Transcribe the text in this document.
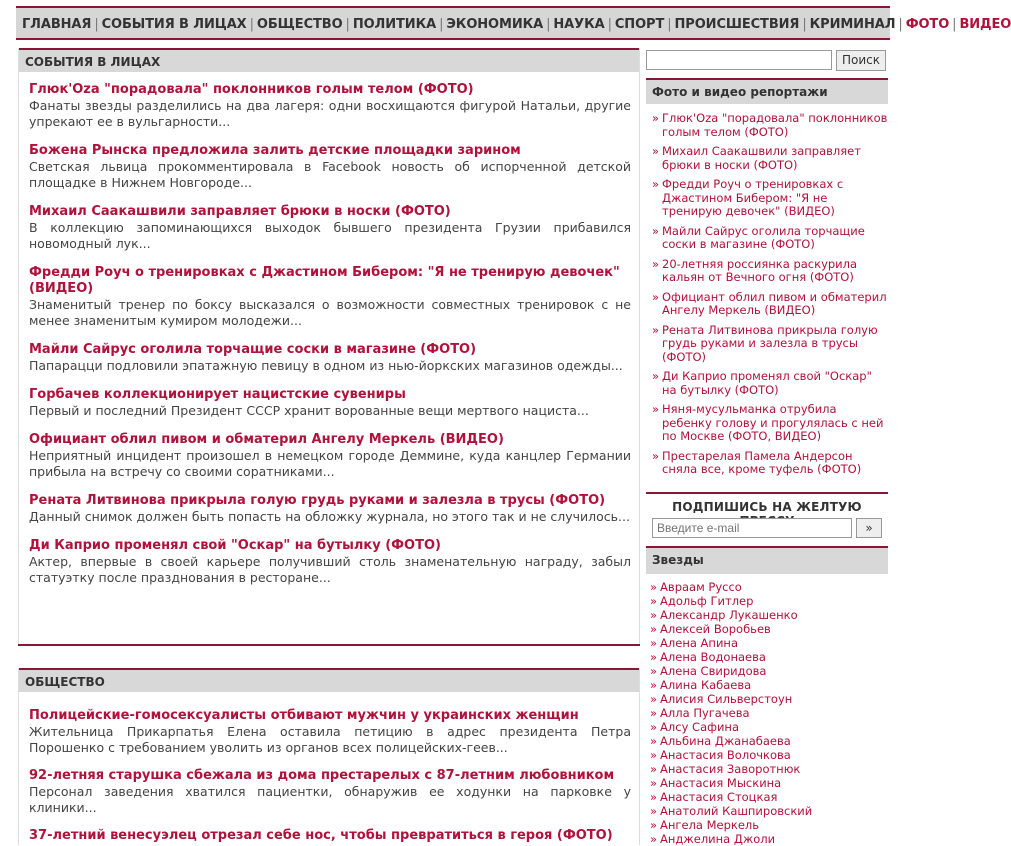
ГЛАВНАЯ | СОБЫТИЯ В ЛИЦАХ | ОБЩЕСТВО | ПОЛИТИКА | ЭКОНОМИКА | НАУКА | СПОРТ | ПРОИСШЕСТВИЯ | КРИМИНАЛ | ФОТО | ВИДЕО
СОБЫТИЯ В ЛИЦАХ
Глюк'Oza "порадовала" поклонников голым телом (ФОТО)
Фанаты звезды разделились на два лагеря: одни восхищаются фигурой Натальи, другие упрекают ее в вульгарности...
Божена Рынска предложила залить детские площадки зарином
Светская львица прокомментировала в Facebook новость об испорченной детской площадке в Нижнем Новгороде...
Михаил Саакашвили заправляет брюки в носки (ФОТО)
В коллекцию запоминающихся выходок бывшего президента Грузии прибавился новомодный лук...
Фредди Роуч о тренировках с Джастином Бибером: "Я не тренирую девочек" (ВИДЕО)
Знаменитый тренер по боксу высказался о возможности совместных тренировок с не менее знаменитым кумиром молодежи...
Майли Сайрус оголила торчащие соски в магазине (ФОТО)
Папарацци подловили эпатажную певицу в одном из нью-йоркских магазинов одежды...
Горбачев коллекционирует нацистские сувениры
Первый и последний Президент СССР хранит ворованные вещи мертвого нациста...
Официант облил пивом и обматерил Ангелу Меркель (ВИДЕО)
Неприятный инцидент произошел в немецком городе Деммине, куда канцлер Германии прибыла на встречу со своими соратниками...
Рената Литвинова прикрыла голую грудь руками и залезла в трусы (ФОТО)
Данный снимок должен быть попасть на обложку журнала, но этого так и не случилось...
Ди Каприо променял свой "Оскар" на бутылку (ФОТО)
Актер, впервые в своей карьере получивший столь знаменательную награду, забыл статуэтку после празднования в ресторане...
ОБЩЕСТВО
Полицейские-гомосексуалисты отбивают мужчин у украинских женщин
Жительница Прикарпатья Елена оставила петицию в адрес президента Петра Порошенко с требованием уволить из органов всех полицейских-геев...
92-летняя старушка сбежала из дома престарелых с 87-летним любовником
Персонал заведения хватился пациентки, обнаружив ее ходунки на парковке у клиники...
37-летний венесуэлец отрезал себе нос, чтобы превратиться в героя (ФОТО)
Поиск
Фото и видео репортажи
» Глюк'Oza "порадовала" поклонников голым телом (ФОТО)
» Михаил Саакашвили заправляет брюки в носки (ФОТО)
» Фредди Роуч о тренировках с Джастином Бибером: "Я не тренирую девочек" (ВИДЕО)
» Майли Сайрус оголила торчащие соски в магазине (ФОТО)
» 20-летняя россиянка раскурила кальян от Вечного огня (ФОТО)
» Официант облил пивом и обматерил Ангелу Меркель (ВИДЕО)
» Рената Литвинова прикрыла голую грудь руками и залезла в трусы (ФОТО)
» Ди Каприо променял свой "Оскар" на бутылку (ФОТО)
» Няня-мусульманка отрубила ребенку голову и прогулялась с ней по Москве (ФОТО, ВИДЕО)
» Престарелая Памела Андерсон сняла все, кроме туфель (ФОТО)
ПОДПИШИСЬ НА ЖЕЛТУЮ
Введите e-mail
»
Звезды
» Авраам Руссо
» Адольф Гитлер
» Александр Лукашенко
» Алексей Воробьев
» Алена Апина
» Алена Водонаева
» Алена Свиридова
» Алина Кабаева
» Алисия Сильверстоун
» Алла Пугачева
» Алсу Сафина
» Альбина Джанабаева
» Анастасия Волочкова
» Анастасия Заворотнюк
» Анастасия Мыскина
» Анастасия Стоцкая
» Анатолий Кашпировский
» Ангела Меркель
» Анджелина Джоли
